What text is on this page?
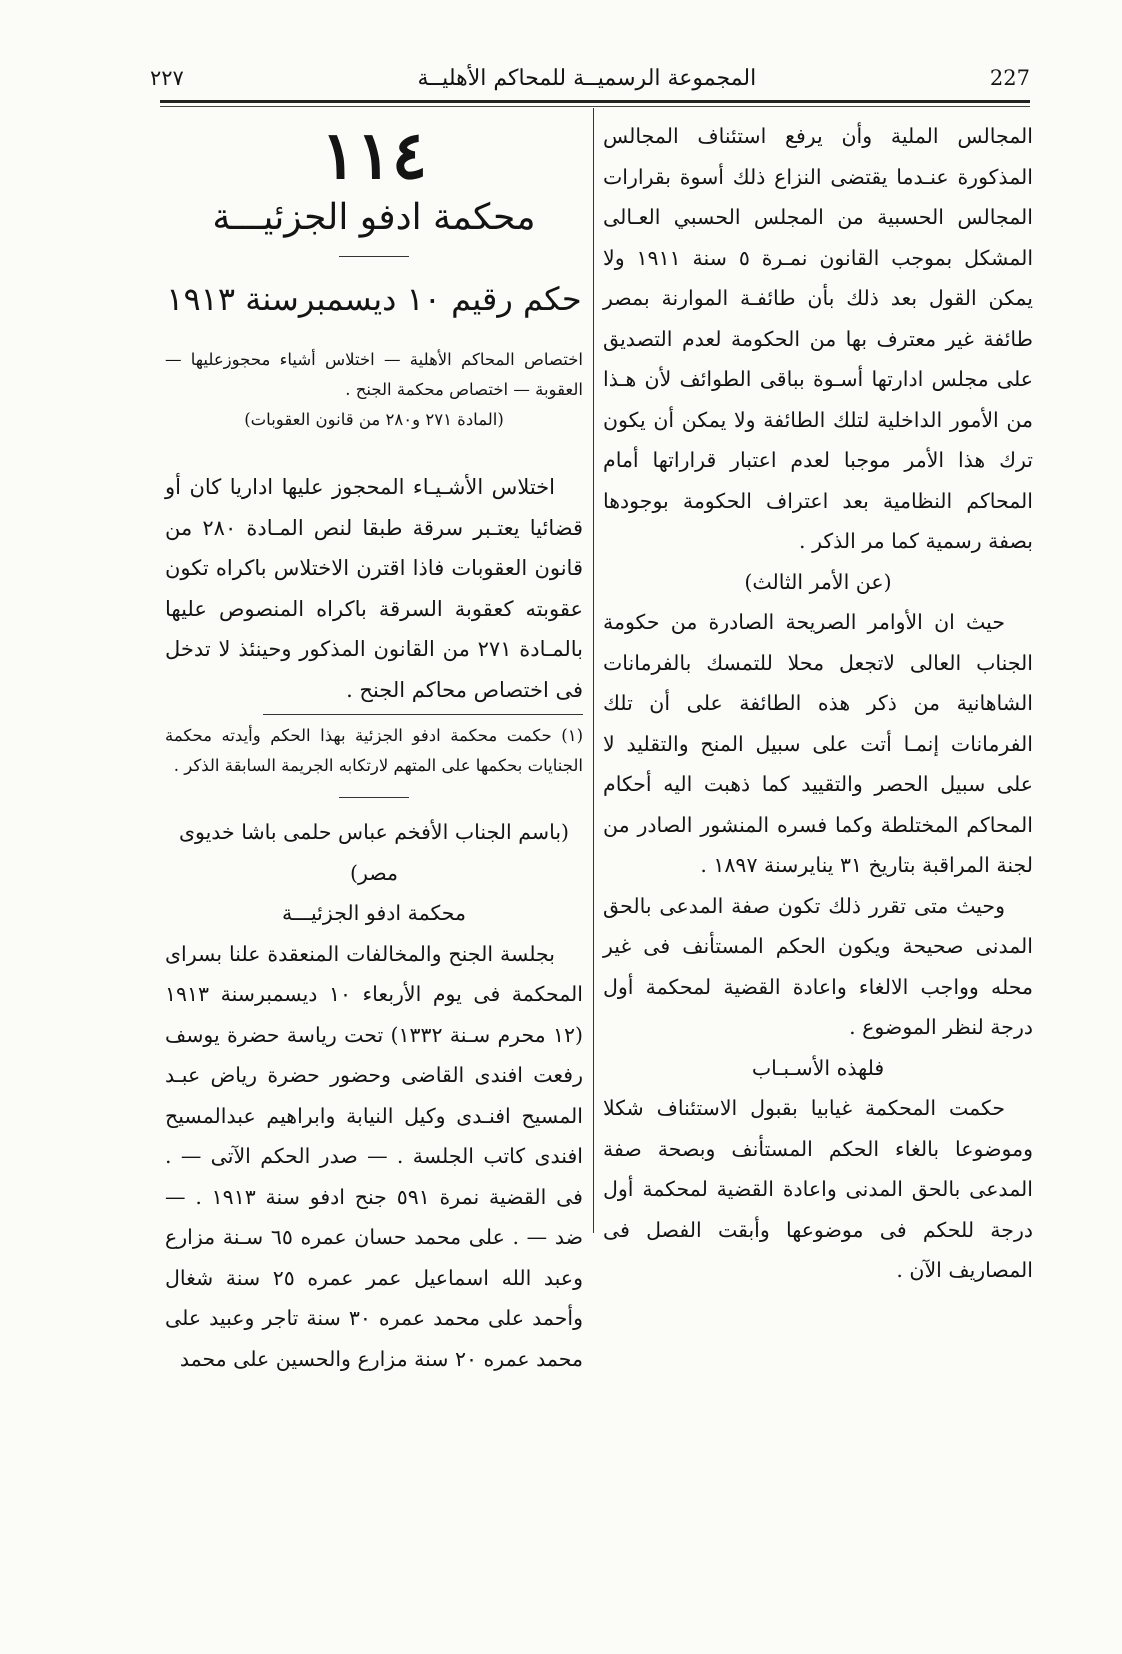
٢٢٧	المجموعة الرسميــة للمحاكم الأهليــة	227

المجالس الملية وأن يرفع استئناف المجالس المذكورة عنـدما يقتضى النزاع ذلك أسوة بقرارات المجالس الحسبية من المجلس الحسبي العـالى المشكل بموجب القانون نمـرة ٥ سنة ١٩١١ ولا يمكن القول بعد ذلك بأن طائفـة الموارنة بمصر طائفة غير معترف بها من الحكومة لعدم التصديق على مجلس ادارتها أسـوة بباقى الطوائف لأن هـذا من الأمور الداخلية لتلك الطائفة ولا يمكن أن يكون ترك هذا الأمر موجبا لعدم اعتبار قراراتها أمام المحاكم النظامية بعد اعتراف الحكومة بوجودها بصفة رسمية كما مر الذكر .

(عن الأمر الثالث)

حيث ان الأوامر الصريحة الصادرة من حكومة الجناب العالى لاتجعل محلا للتمسك بالفرمانات الشاهانية من ذكر هذه الطائفة على أن تلك الفرمانات إنمـا أتت على سبيل المنح والتقليد لا على سبيل الحصر والتقييد كما ذهبت اليه أحكام المحاكم المختلطة وكما فسره المنشور الصادر من لجنة المراقبة بتاريخ ٣١ ينايرسنة ١٨٩٧ .

وحيث متى تقرر ذلك تكون صفة المدعى بالحق المدنى صحيحة ويكون الحكم المستأنف فى غير محله وواجب الالغاء واعادة القضية لمحكمة أول درجة لنظر الموضوع .

فلهذه الأسـبـاب

حكمت المحكمة غيابيا بقبول الاستئناف شكلا وموضوعا بالغاء الحكم المستأنف وبصحة صفة المدعى بالحق المدنى واعادة القضية لمحكمة أول درجة للحكم فى موضوعها وأبقت الفصل فى المصاريف الآن .

١١٤
محكمة ادفو الجزئيـــة
حكم رقيم ١٠ ديسمبرسنة ١٩١٣

اختصاص المحاكم الأهلية — اختلاس أشياء محجوزعليها — العقوبة — اختصاص محكمة الجنح .

(المادة ٢٧١ و٢٨٠ من قانون العقوبات)

اختلاس الأشـيـاء المحجوز عليها اداريا كان أو قضائيا يعتـبر سرقة طبقا لنص المـادة ٢٨٠ من قانون العقوبات فاذا اقترن الاختلاس باكراه تكون عقوبته كعقوبة السرقة باكراه المنصوص عليها بالمـادة ٢٧١ من القانون المذكور وحينئذ لا تدخل فى اختصاص محاكم الجنح .

(١) حكمت محكمة ادفو الجزئية بهذا الحكم وأيدته محكمة الجنايات بحكمها على المتهم لارتكابه الجريمة السابقة الذكر .

(باسم الجناب الأفخم عباس حلمى باشا خديوى مصر)

محكمة ادفو الجزئيـــة

بجلسة الجنح والمخالفات المنعقدة علنا بسراى المحكمة فى يوم الأربعاء ١٠ ديسمبرسنة ١٩١٣ (١٢ محرم سـنة ١٣٣٢) تحت رياسة حضرة يوسف رفعت افندى القاضى وحضور حضرة رياض عبـد المسيح افنـدى وكيل النيابة وابراهيم عبدالمسيح افندى كاتب الجلسة . — صدر الحكم الآتى — . فى القضية نمرة ٥٩١ جنح ادفو سنة ١٩١٣ . — ضد — . على محمد حسان عمره ٦٥ سـنة مزارع وعبد الله اسماعيل عمر عمره ٢٥ سنة شغال وأحمد على محمد عمره ٣٠ سنة تاجر وعبيد على محمد عمره ٢٠ سنة مزارع والحسين على محمد
